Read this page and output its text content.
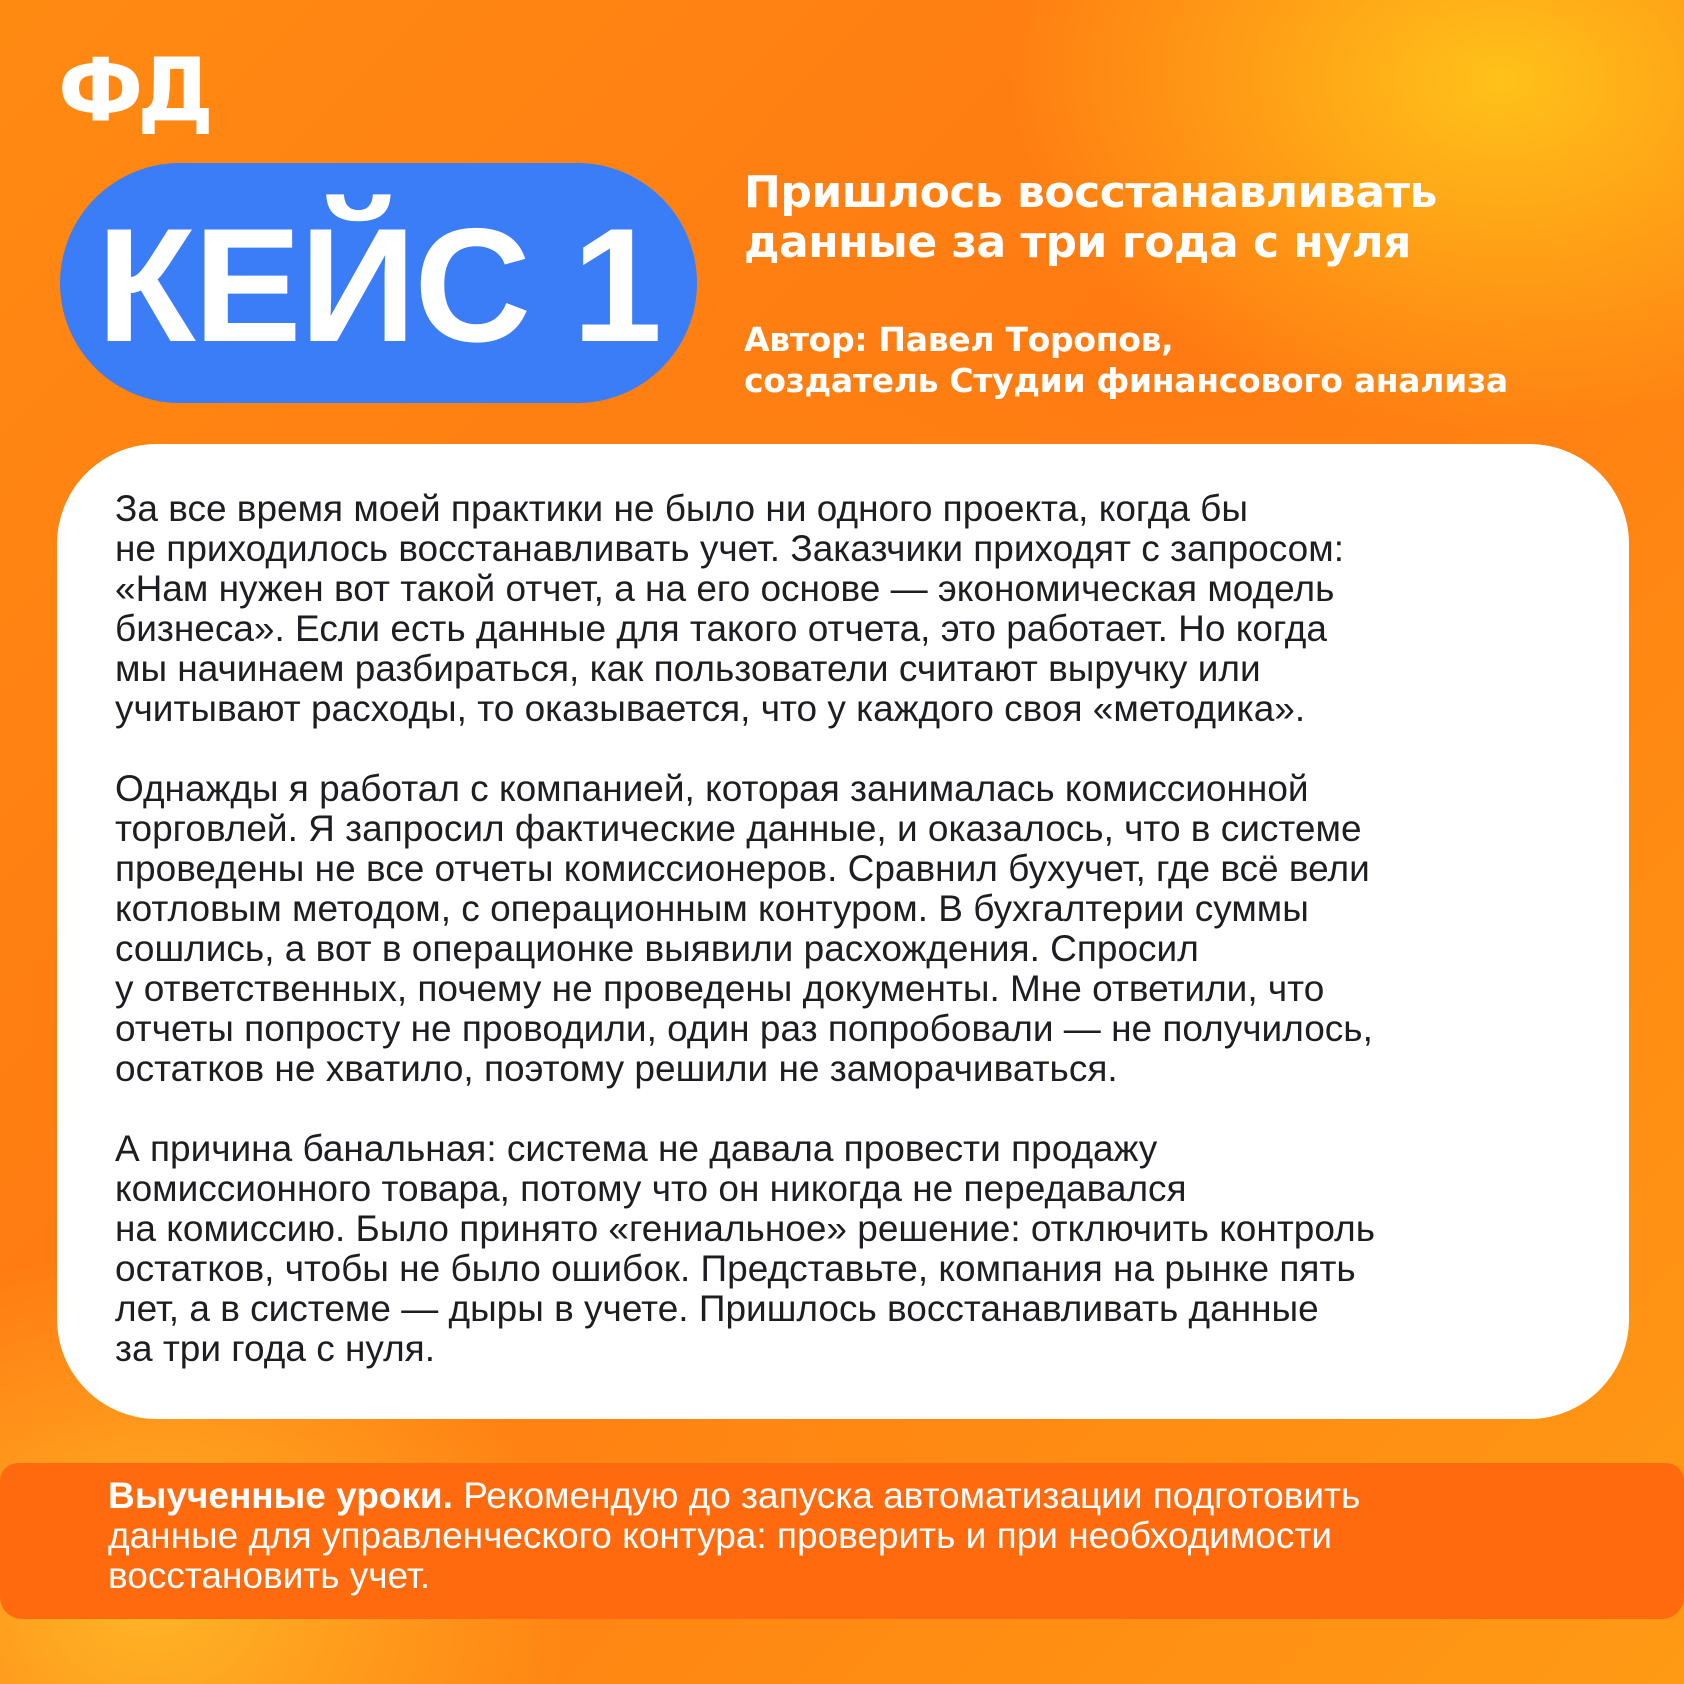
ФД
КЕЙС 1
Пришлось восстанавливать
данные за три года с нуля
Автор: Павел Торопов,
создатель Студии финансового анализа

За все время моей практики не было ни одного проекта, когда бы
не приходилось восстанавливать учет. Заказчики приходят с запросом:
«Нам нужен вот такой отчет, а на его основе — экономическая модель
бизнеса». Если есть данные для такого отчета, это работает. Но когда
мы начинаем разбираться, как пользователи считают выручку или
учитывают расходы, то оказывается, что у каждого своя «методика».

Однажды я работал с компанией, которая занималась комиссионной
торговлей. Я запросил фактические данные, и оказалось, что в системе
проведены не все отчеты комиссионеров. Сравнил бухучет, где всё вели
котловым методом, с операционным контуром. В бухгалтерии суммы
сошлись, а вот в операционке выявили расхождения. Спросил
у ответственных, почему не проведены документы. Мне ответили, что
отчеты попросту не проводили, один раз попробовали — не получилось,
остатков не хватило, поэтому решили не заморачиваться.

А причина банальная: система не давала провести продажу
комиссионного товара, потому что он никогда не передавался
на комиссию. Было принято «гениальное» решение: отключить контроль
остатков, чтобы не было ошибок. Представьте, компания на рынке пять
лет, а в системе — дыры в учете. Пришлось восстанавливать данные
за три года с нуля.

Выученные уроки. Рекомендую до запуска автоматизации подготовить
данные для управленческого контура: проверить и при необходимости
восстановить учет.
